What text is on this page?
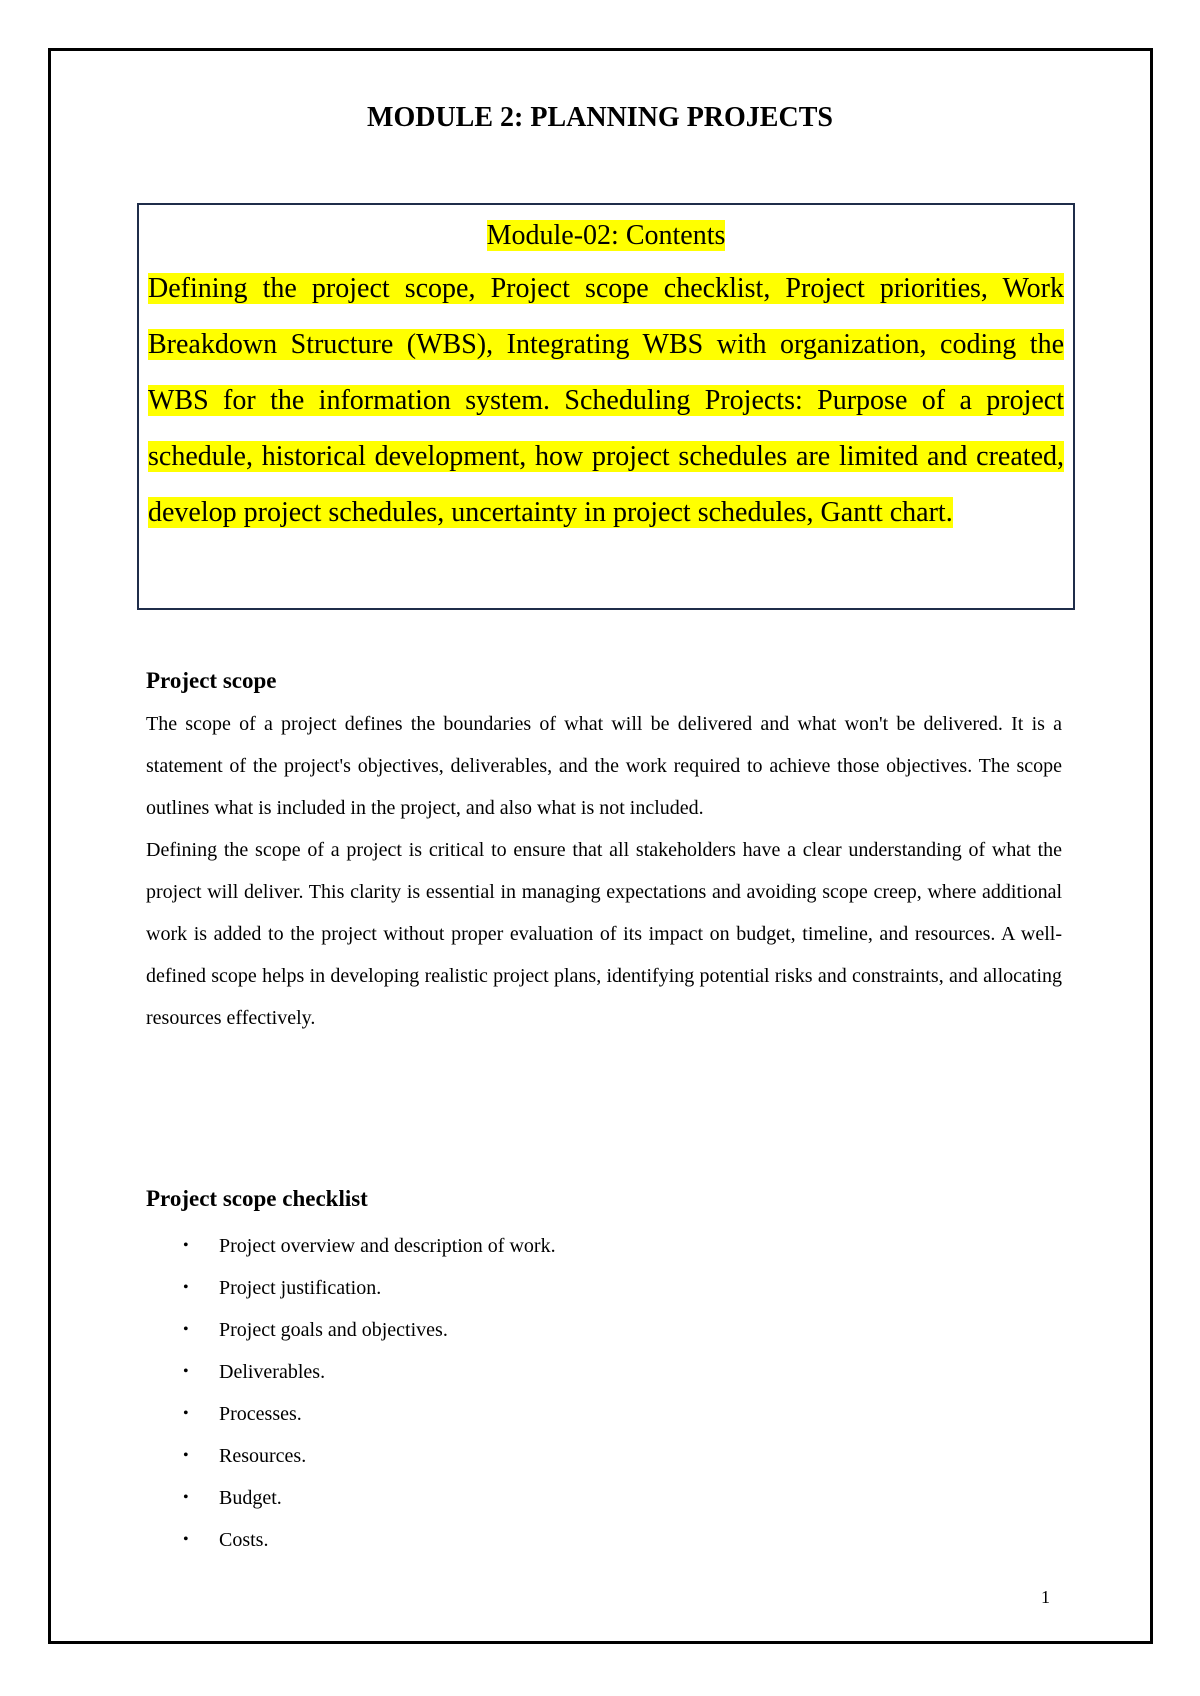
MODULE 2: PLANNING PROJECTS

Module-02: Contents

Defining the project scope, Project scope checklist, Project priorities, Work Breakdown Structure (WBS), Integrating WBS with organization, coding the WBS for the information system. Scheduling Projects: Purpose of a project schedule, historical development, how project schedules are limited and created, develop project schedules, uncertainty in project schedules, Gantt chart.

Project scope

The scope of a project defines the boundaries of what will be delivered and what won't be delivered. It is a statement of the project's objectives, deliverables, and the work required to achieve those objectives. The scope outlines what is included in the project, and also what is not included.

Defining the scope of a project is critical to ensure that all stakeholders have a clear understanding of what the project will deliver. This clarity is essential in managing expectations and avoiding scope creep, where additional work is added to the project without proper evaluation of its impact on budget, timeline, and resources. A well-defined scope helps in developing realistic project plans, identifying potential risks and constraints, and allocating resources effectively.

Project scope checklist
• Project overview and description of work.
• Project justification.
• Project goals and objectives.
• Deliverables.
• Processes.
• Resources.
• Budget.
• Costs.
1
